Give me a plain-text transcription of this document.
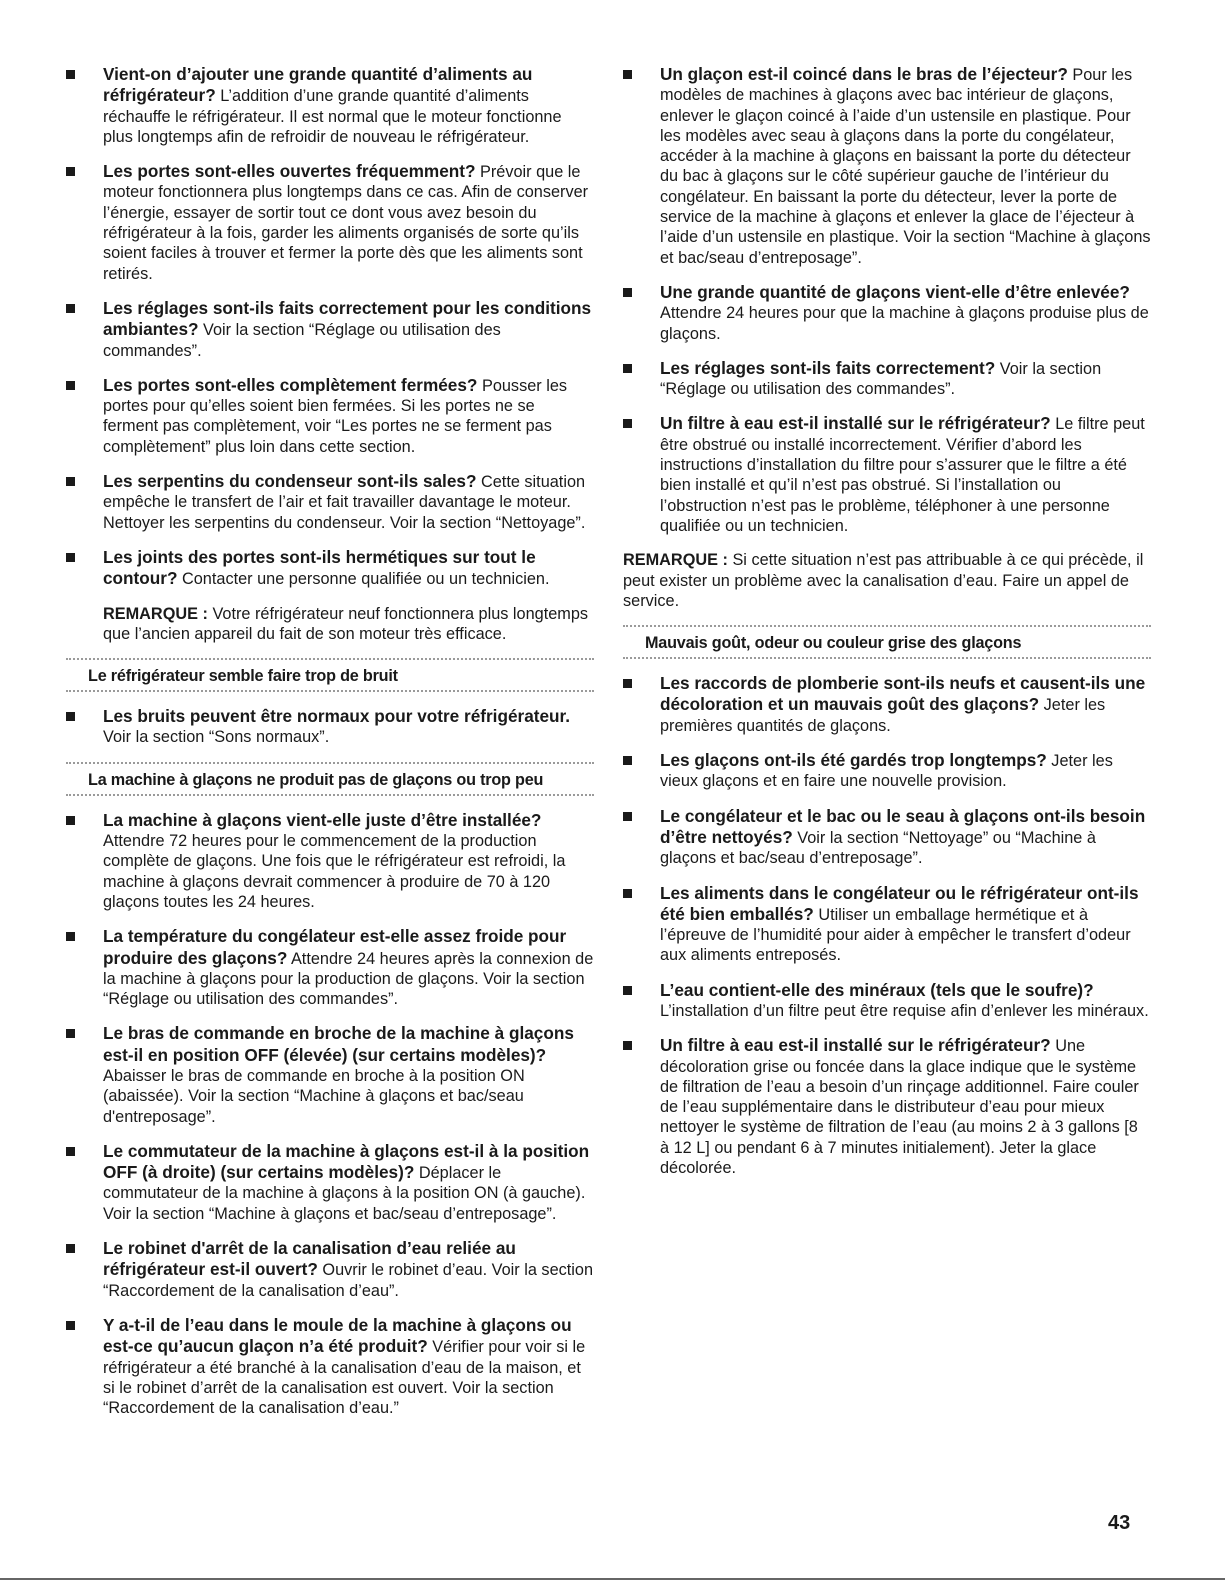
Vient-on d’ajouter une grande quantité d’aliments au réfrigérateur? L’addition d’une grande quantité d’aliments réchauffe le réfrigérateur. Il est normal que le moteur fonctionne plus longtemps afin de refroidir de nouveau le réfrigérateur.
Les portes sont-elles ouvertes fréquemment? Prévoir que le moteur fonctionnera plus longtemps dans ce cas. Afin de conserver l’énergie, essayer de sortir tout ce dont vous avez besoin du réfrigérateur à la fois, garder les aliments organisés de sorte qu’ils soient faciles à trouver et fermer la porte dès que les aliments sont retirés.
Les réglages sont-ils faits correctement pour les conditions ambiantes? Voir la section “Réglage ou utilisation des commandes”.
Les portes sont-elles complètement fermées? Pousser les portes pour qu’elles soient bien fermées. Si les portes ne se ferment pas complètement, voir “Les portes ne se ferment pas complètement” plus loin dans cette section.
Les serpentins du condenseur sont-ils sales? Cette situation empêche le transfert de l’air et fait travailler davantage le moteur. Nettoyer les serpentins du condenseur. Voir la section “Nettoyage”.
Les joints des portes sont-ils hermétiques sur tout le contour? Contacter une personne qualifiée ou un technicien.
REMARQUE : Votre réfrigérateur neuf fonctionnera plus longtemps que l’ancien appareil du fait de son moteur très efficace.
Le réfrigérateur semble faire trop de bruit
Les bruits peuvent être normaux pour votre réfrigérateur. Voir la section “Sons normaux”.
La machine à glaçons ne produit pas de glaçons ou trop peu
La machine à glaçons vient-elle juste d’être installée? Attendre 72 heures pour le commencement de la production complète de glaçons. Une fois que le réfrigérateur est refroidi, la machine à glaçons devrait commencer à produire de 70 à 120 glaçons toutes les 24 heures.
La température du congélateur est-elle assez froide pour produire des glaçons? Attendre 24 heures après la connexion de la machine à glaçons pour la production de glaçons. Voir la section “Réglage ou utilisation des commandes”.
Le bras de commande en broche de la machine à glaçons est-il en position OFF (élevée) (sur certains modèles)? Abaisser le bras de commande en broche à la position ON (abaissée). Voir la section “Machine à glaçons et bac/seau d'entreposage”.
Le commutateur de la machine à glaçons est-il à la position OFF (à droite) (sur certains modèles)? Déplacer le commutateur de la machine à glaçons à la position ON (à gauche). Voir la section “Machine à glaçons et bac/seau d’entreposage”.
Le robinet d'arrêt de la canalisation d’eau reliée au réfrigérateur est-il ouvert? Ouvrir le robinet d’eau. Voir la section “Raccordement de la canalisation d’eau”.
Y a-t-il de l’eau dans le moule de la machine à glaçons ou est-ce qu’aucun glaçon n’a été produit? Vérifier pour voir si le réfrigérateur a été branché à la canalisation d’eau de la maison, et si le robinet d’arrêt de la canalisation est ouvert. Voir la section “Raccordement de la canalisation d’eau.”
Un glaçon est-il coincé dans le bras de l’éjecteur? Pour les modèles de machines à glaçons avec bac intérieur de glaçons, enlever le glaçon coincé à l’aide d’un ustensile en plastique. Pour les modèles avec seau à glaçons dans la porte du congélateur, accéder à la machine à glaçons en baissant la porte du détecteur du bac à glaçons sur le côté supérieur gauche de l’intérieur du congélateur. En baissant la porte du détecteur, lever la porte de service de la machine à glaçons et enlever la glace de l’éjecteur à l’aide d’un ustensile en plastique. Voir la section “Machine à glaçons et bac/seau d’entreposage”.
Une grande quantité de glaçons vient-elle d’être enlevée? Attendre 24 heures pour que la machine à glaçons produise plus de glaçons.
Les réglages sont-ils faits correctement? Voir la section “Réglage ou utilisation des commandes”.
Un filtre à eau est-il installé sur le réfrigérateur? Le filtre peut être obstrué ou installé incorrectement. Vérifier d’abord les instructions d’installation du filtre pour s’assurer que le filtre a été bien installé et qu’il n’est pas obstrué. Si l’installation ou l’obstruction n’est pas le problème, téléphoner à une personne qualifiée ou un technicien.
REMARQUE : Si cette situation n’est pas attribuable à ce qui précède, il peut exister un problème avec la canalisation d’eau. Faire un appel de service.
Mauvais goût, odeur ou couleur grise des glaçons
Les raccords de plomberie sont-ils neufs et causent-ils une décoloration et un mauvais goût des glaçons? Jeter les premières quantités de glaçons.
Les glaçons ont-ils été gardés trop longtemps? Jeter les vieux glaçons et en faire une nouvelle provision.
Le congélateur et le bac ou le seau à glaçons ont-ils besoin d’être nettoyés? Voir la section “Nettoyage” ou “Machine à glaçons et bac/seau d’entreposage”.
Les aliments dans le congélateur ou le réfrigérateur ont-ils été bien emballés? Utiliser un emballage hermétique et à l’épreuve de l’humidité pour aider à empêcher le transfert d’odeur aux aliments entreposés.
L’eau contient-elle des minéraux (tels que le soufre)? L’installation d’un filtre peut être requise afin d’enlever les minéraux.
Un filtre à eau est-il installé sur le réfrigérateur? Une décoloration grise ou foncée dans la glace indique que le système de filtration de l’eau a besoin d’un rinçage additionnel. Faire couler de l’eau supplémentaire dans le distributeur d’eau pour mieux nettoyer le système de filtration de l’eau (au moins 2 à 3 gallons [8 à 12 L] ou pendant 6 à 7 minutes initialement). Jeter la glace décolorée.
43
